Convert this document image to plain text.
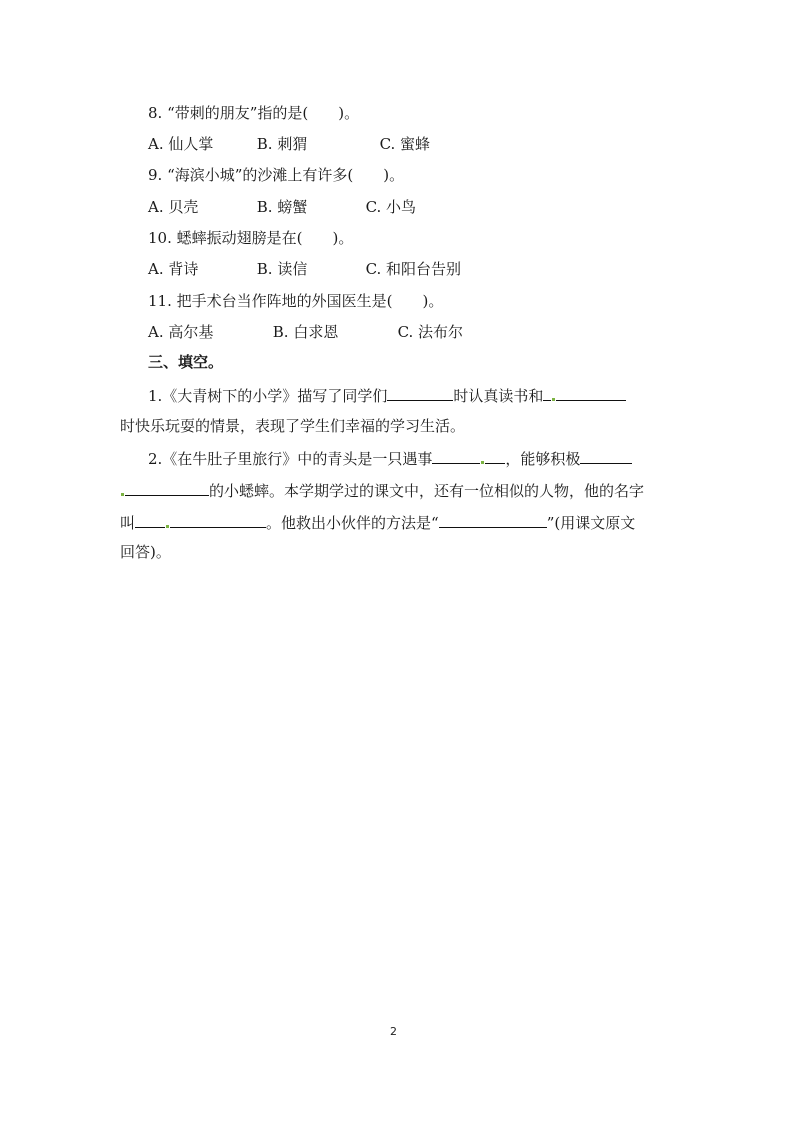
8. “带刺的朋友”指的是(　　)。
A. 仙人掌	B. 刺猬	C. 蜜蜂
9. “海滨小城”的沙滩上有许多(　　)。
A. 贝壳	B. 螃蟹	C. 小鸟
10. 蟋蟀振动翅膀是在(　　)。
A. 背诗	B. 读信	C. 和阳台告别
11. 把手术台当作阵地的外国医生是(　　)。
A. 高尔基	B. 白求恩	C. 法布尔
三、填空。
1.《大青树下的小学》描写了同学们	时认真读书和
时快乐玩耍的情景，表现了学生们幸福的学习生活。
2.《在牛肚子里旅行》中的青头是一只遇事	，能够积极
的小蟋蟀。本学期学过的课文中，还有一位相似的人物，他的名字
叫	。他救出小伙伴的方法是“	”(用课文原文
回答)。
2
